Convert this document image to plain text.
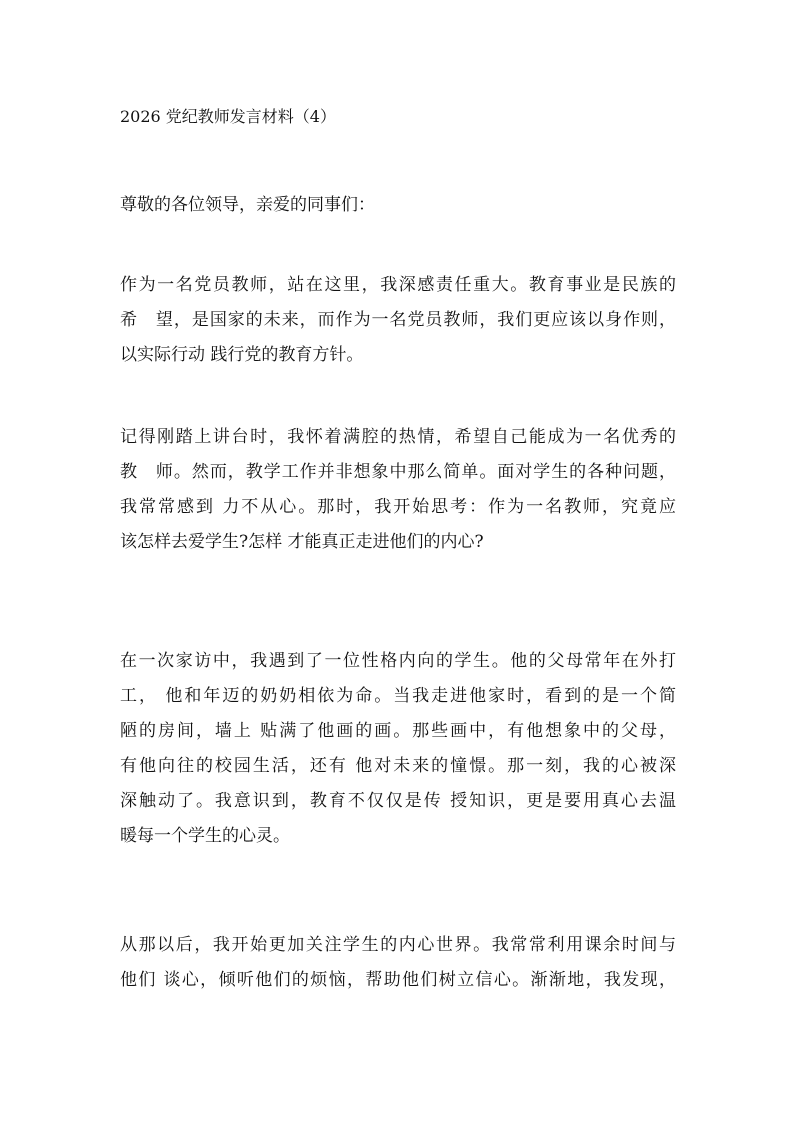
2026 党纪教师发言材料（4）
尊敬的各位领导，亲爱的同事们：
作为一名党员教师，站在这里，我深感责任重大。教育事业是民族的
希　望，是国家的未来，而作为一名党员教师，我们更应该以身作则，
以实际行动 践行党的教育方针。
记得刚踏上讲台时，我怀着满腔的热情，希望自己能成为一名优秀的
教　师。然而，教学工作并非想象中那么简单。面对学生的各种问题，
我常常感到 力不从心。那时，我开始思考：作为一名教师，究竟应
该怎样去爱学生?怎样 才能真正走进他们的内心?
在一次家访中，我遇到了一位性格内向的学生。他的父母常年在外打
工， 他和年迈的奶奶相依为命。当我走进他家时，看到的是一个简
陋的房间，墙上 贴满了他画的画。那些画中，有他想象中的父母，
有他向往的校园生活，还有 他对未来的憧憬。那一刻，我的心被深
深触动了。我意识到，教育不仅仅是传 授知识，更是要用真心去温
暖每一个学生的心灵。
从那以后，我开始更加关注学生的内心世界。我常常利用课余时间与
他们 谈心，倾听他们的烦恼，帮助他们树立信心。渐渐地，我发现，
